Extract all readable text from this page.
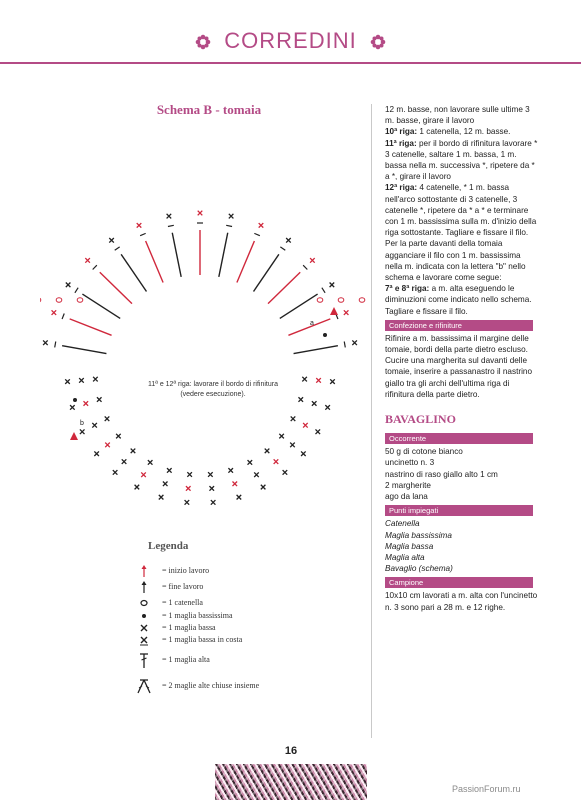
CORREDINI
Schema B - tomaia
a
b
11ª e 12ª riga: lavorare il bordo di rifinitura (vedere esecuzione).
Legenda
= inizio lavoro
= fine lavoro
= 1 catenella
= 1 maglia bassissima
= 1 maglia bassa
= 1 maglia bassa in costa
= 1 maglia alta
= 2 maglie alte chiuse insieme

12 m. basse, non lavorare sulle ultime 3 m. basse, girare il lavoro

10ª riga: 1 catenella, 12 m. basse.

11ª riga: per il bordo di rifinitura lavorare * 3 catenelle, saltare 1 m. bassa, 1 m. bassa nella m. successiva *, ripetere da * a *, girare il lavoro

12ª riga: 4 catenelle, * 1 m. bassa nell'arco sottostante di 3 catenelle, 3 catenelle *, ripetere da * a * e terminare con 1 m. bassissima sulla m. d'inizio della riga sottostante. Tagliare e fissare il filo.

Per la parte davanti della tomaia agganciare il filo con 1 m. bassissima nella m. indicata con la lettera "b" nello schema e lavorare come segue:

7ª e 8ª riga: a m. alta eseguendo le diminuzioni come indicato nello schema.

Tagliare e fissare il filo.

Confezione e rifiniture

Rifinire a m. bassissima il margine delle tomaie, bordi della parte dietro escluso.

Cucire una margherita sul davanti delle tomaie, inserire a passanastro il nastrino giallo tra gli archi dell'ultima riga di rifinitura della parte dietro.

BAVAGLINO
Occorrente

50 g di cotone bianco

uncinetto n. 3

nastrino di raso giallo alto 1 cm

2 margherite

ago da lana

Punti impiegati

Catenella

Maglia bassissima

Maglia bassa

Maglia alta

Bavaglio (schema)

Campione

10x10 cm lavorati a m. alta con l'uncinetto n. 3 sono pari a 28 m. e 12 righe.

16
PassionForum.ru
